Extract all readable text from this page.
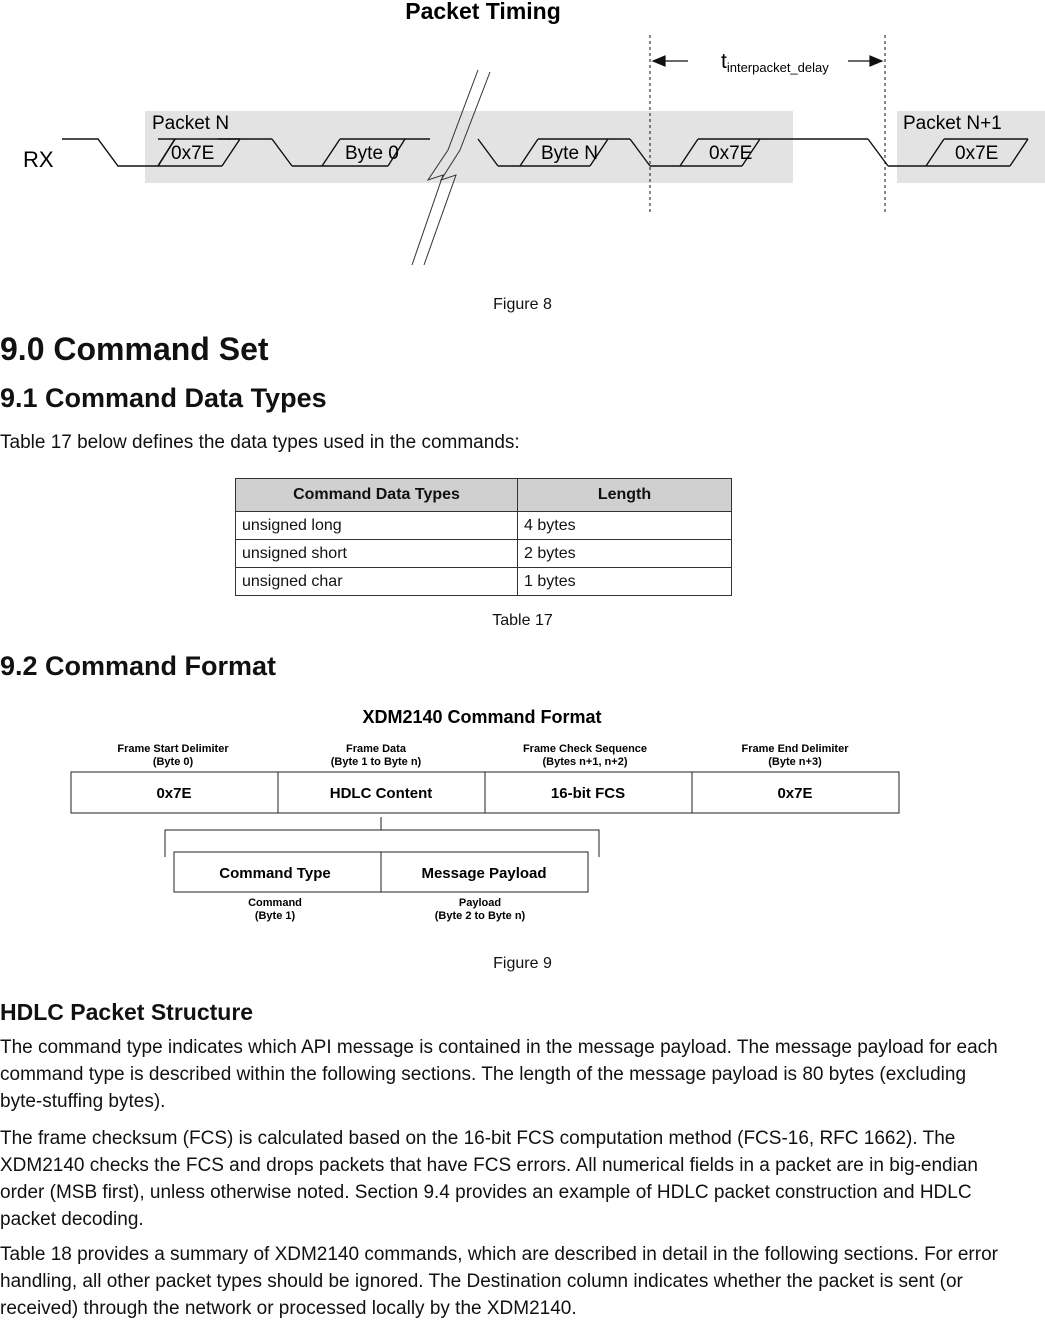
Packet Timing
Packet N	Packet N+1
RX	0x7E	Byte 0	Byte N	0x7E	0x7E
tinterpacket_delay
Figure 8
9.0 Command Set
9.1 Command Data Types

Table 17 below defines the data types used in the commands:

Command Data Types	Length
unsigned long	4 bytes
unsigned short	2 bytes
unsigned char	1 bytes
Table 17
9.2 Command Format
XDM2140 Command Format
Frame Start Delimiter
(Byte 0)
Frame Data
(Byte 1 to Byte n)
Frame Check Sequence
(Bytes n+1, n+2)
Frame End Delimiter
(Byte n+3)
0x7E	HDLC Content	16-bit FCS	0x7E
Command Type	Message Payload
Command
(Byte 1)
Payload
(Byte 2 to Byte n)
Figure 9
HDLC Packet Structure

The command type indicates which API message is contained in the message payload. The message payload for each command type is described within the following sections. The length of the message payload is 80 bytes (excluding byte-stuffing bytes).

The frame checksum (FCS) is calculated based on the 16-bit FCS computation method (FCS-16, RFC 1662). The XDM2140 checks the FCS and drops packets that have FCS errors. All numerical fields in a packet are in big-endian order (MSB first), unless otherwise noted. Section 9.4 provides an example of HDLC packet construction and HDLC packet decoding.

Table 18 provides a summary of XDM2140 commands, which are described in detail in the following sections. For error handling, all other packet types should be ignored. The Destination column indicates whether the packet is sent (or received) through the network or processed locally by the XDM2140.
